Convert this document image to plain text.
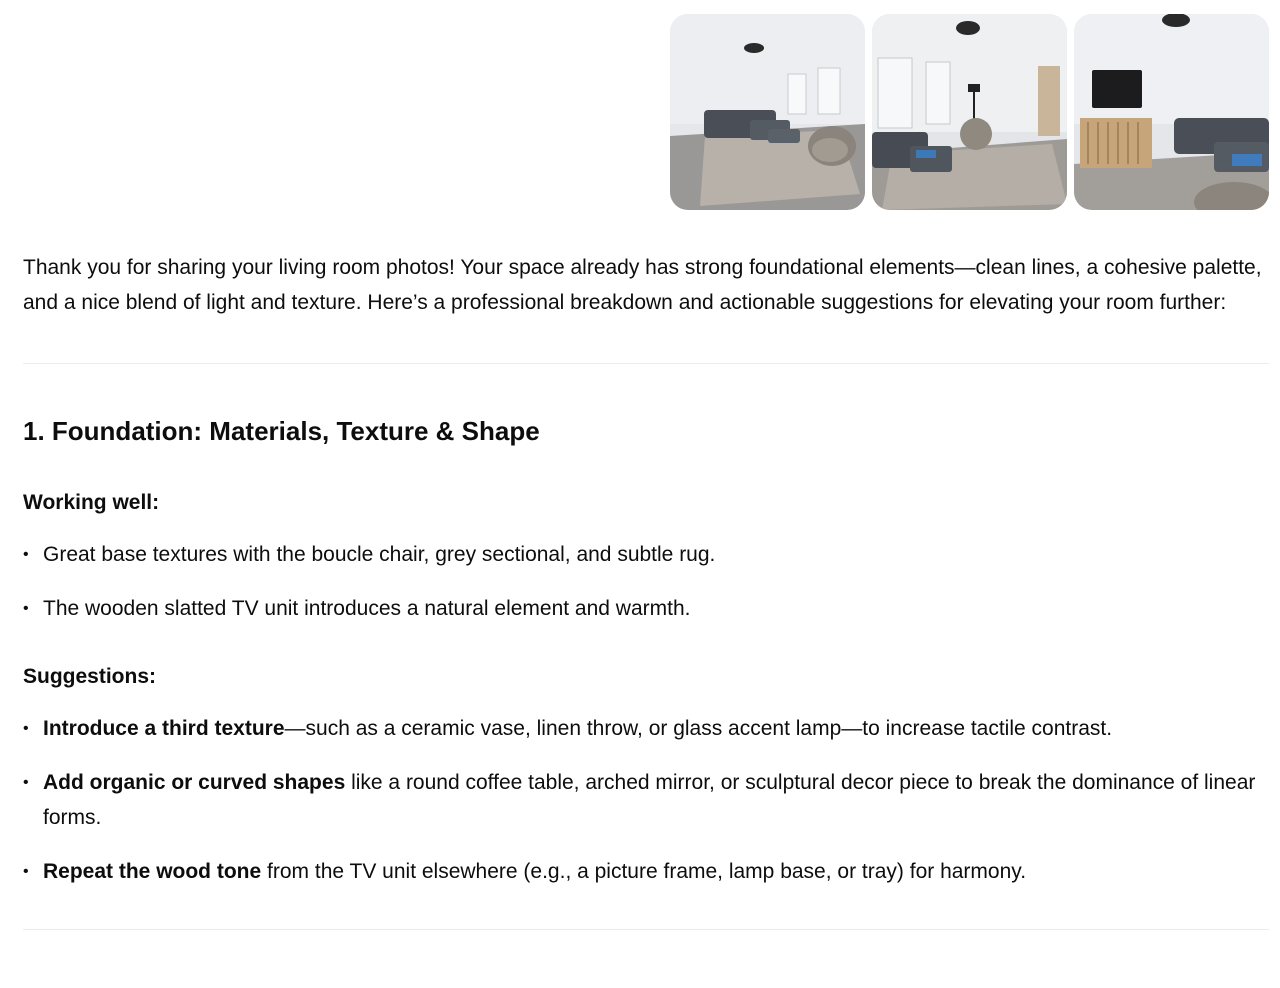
Thank you for sharing your living room photos! Your space already has strong foundational elements—clean lines, a cohesive palette, and a nice blend of light and texture. Here’s a professional breakdown and actionable suggestions for elevating your room further:

1. Foundation: Materials, Texture & Shape

Working well:

• Great base textures with the boucle chair, grey sectional, and subtle rug.
• The wooden slatted TV unit introduces a natural element and warmth.

Suggestions:

• Introduce a third texture—such as a ceramic vase, linen throw, or glass accent lamp—to increase tactile contrast.
• Add organic or curved shapes like a round coffee table, arched mirror, or sculptural decor piece to break the dominance of linear forms.
• Repeat the wood tone from the TV unit elsewhere (e.g., a picture frame, lamp base, or tray) for harmony.
